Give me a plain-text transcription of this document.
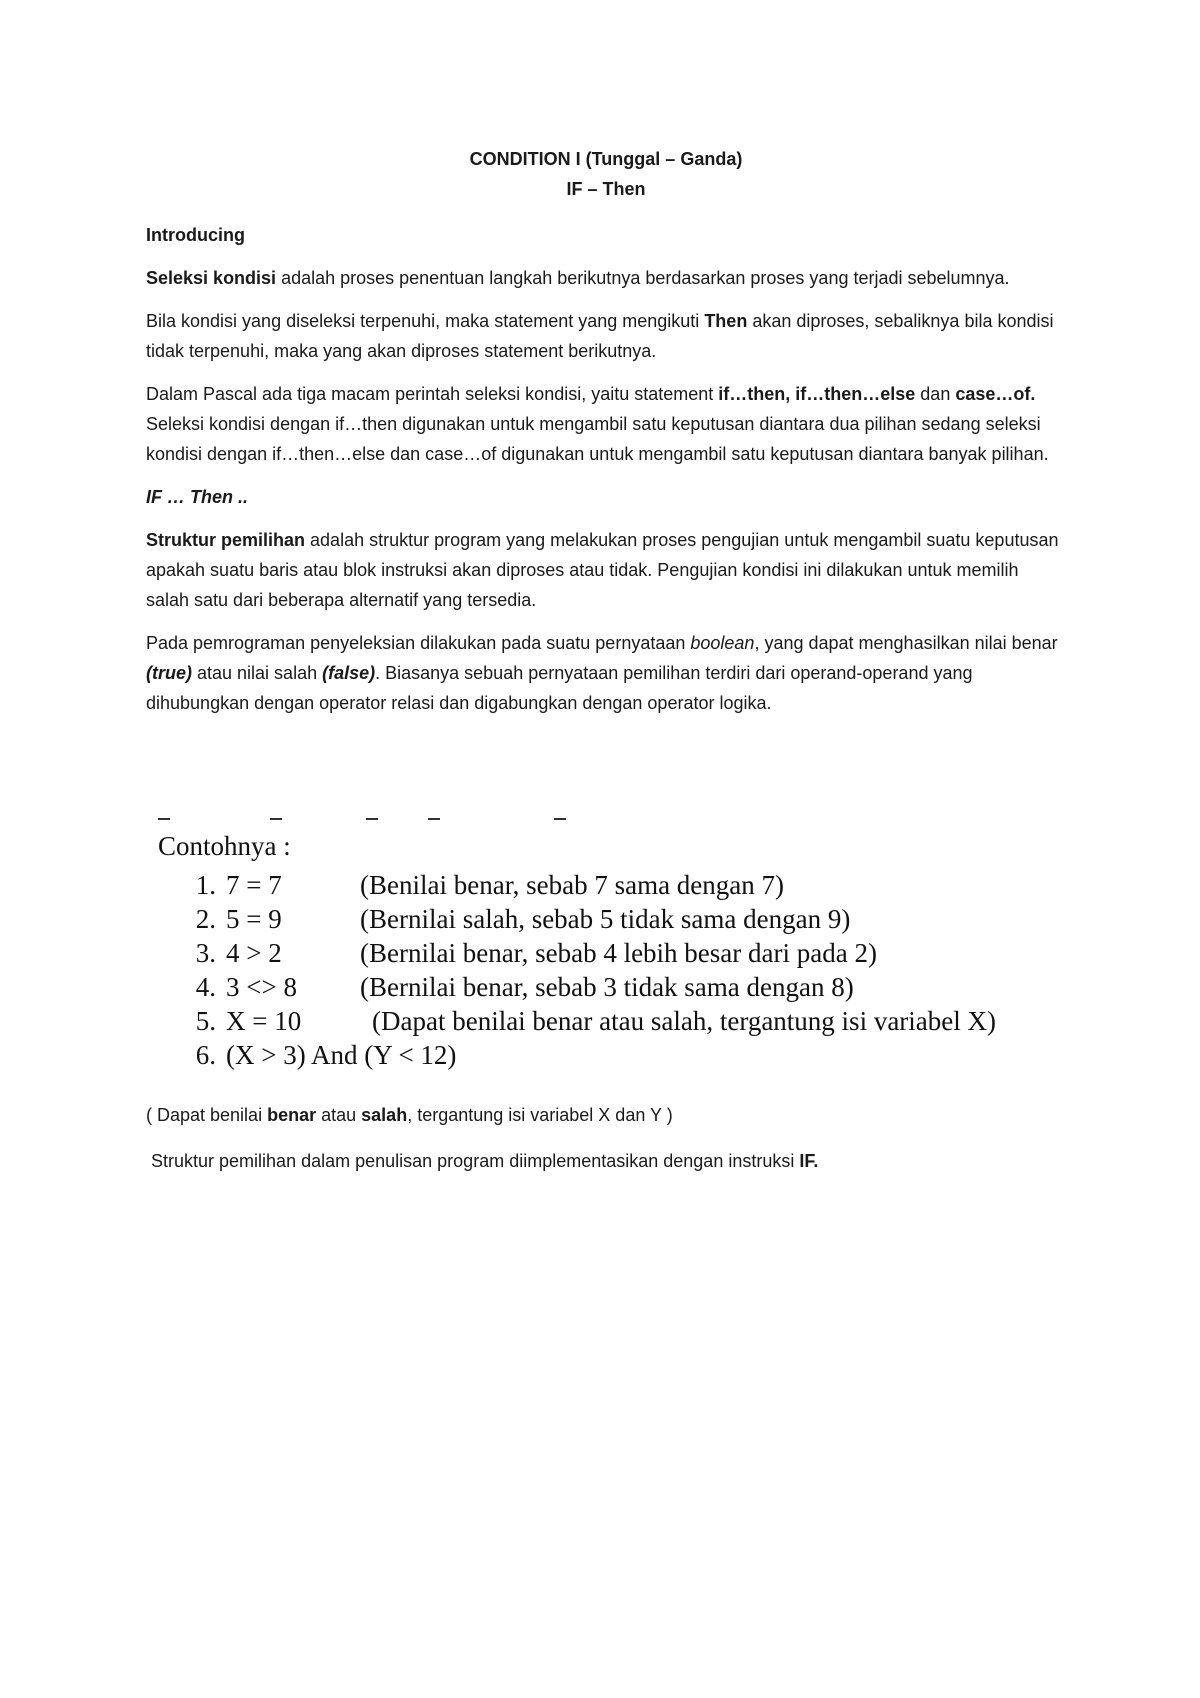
CONDITION I (Tunggal – Ganda)

IF – Then

Introducing

Seleksi kondisi adalah proses penentuan langkah berikutnya berdasarkan proses yang terjadi sebelumnya.

Bila kondisi yang diseleksi terpenuhi, maka statement yang mengikuti Then akan diproses, sebaliknya bila kondisi tidak terpenuhi, maka yang akan diproses statement berikutnya.

Dalam Pascal ada tiga macam perintah seleksi kondisi, yaitu statement if…then, if…then…else dan case…of. Seleksi kondisi dengan if…then digunakan untuk mengambil satu keputusan diantara dua pilihan sedang seleksi kondisi dengan if…then…else dan case…of digunakan untuk mengambil satu keputusan diantara banyak pilihan.

IF … Then ..

Struktur pemilihan adalah struktur program yang melakukan proses pengujian untuk mengambil suatu keputusan apakah suatu baris atau blok instruksi akan diproses atau tidak. Pengujian kondisi ini dilakukan untuk memilih salah satu dari beberapa alternatif yang tersedia.

Pada pemrograman penyeleksian dilakukan pada suatu pernyataan boolean, yang dapat menghasilkan nilai benar (true) atau nilai salah (false). Biasanya sebuah pernyataan pemilihan terdiri dari operand-operand yang dihubungkan dengan operator relasi dan digabungkan dengan operator logika.

Contohnya :
1. 7 = 7	(Benilai benar, sebab 7 sama dengan 7)
2. 5 = 9	(Bernilai salah, sebab 5 tidak sama dengan 9)
3. 4 > 2	(Bernilai benar, sebab 4 lebih besar dari pada 2)
4. 3 <> 8 (Bernilai benar, sebab 3 tidak sama dengan 8)
5. X = 10	(Dapat benilai benar atau salah, tergantung isi variabel X)
6. (X > 3) And (Y < 12)

( Dapat benilai benar atau salah, tergantung isi variabel X dan Y )

Struktur pemilihan dalam penulisan program diimplementasikan dengan instruksi IF.
